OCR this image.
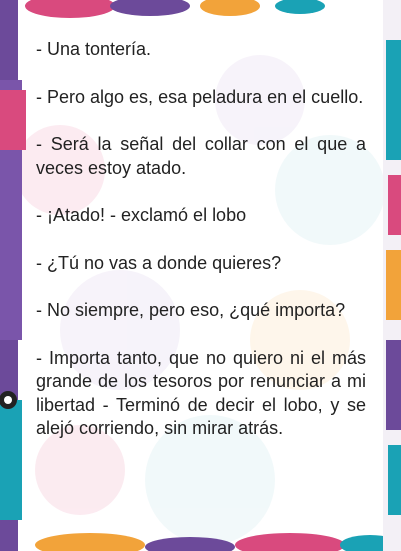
- Una tontería.

- Pero algo es, esa peladura en el cuello.

- Será la señal del collar con el que a veces estoy atado.

- ¡Atado! - exclamó el lobo

- ¿Tú no vas a donde quieres?

- No siempre, pero eso, ¿qué importa?

- Importa tanto, que no quiero ni el más grande de los tesoros por renunciar a mi libertad - Terminó de decir el lobo, y se alejó corriendo, sin mirar atrás.
